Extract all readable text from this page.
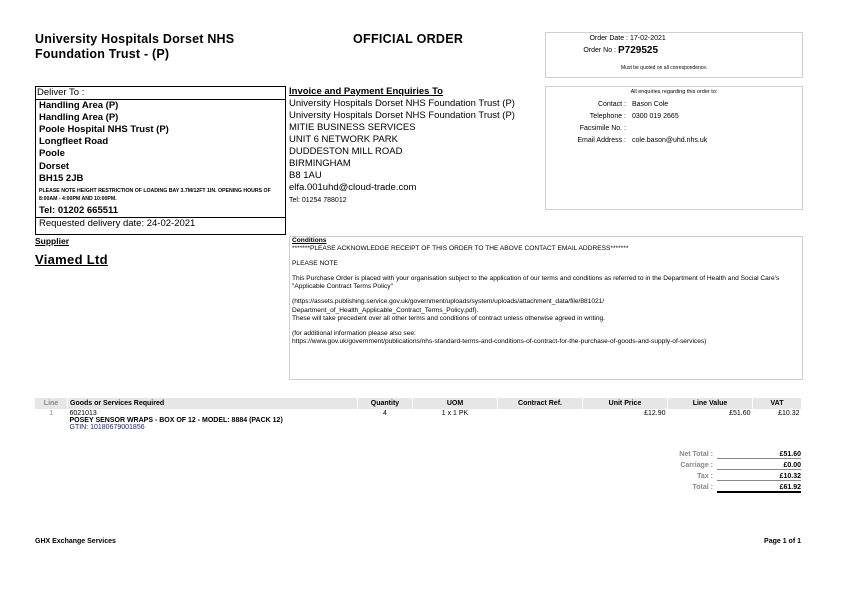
University Hospitals Dorset NHS
Foundation Trust - (P)
OFFICIAL ORDER	Order Date : 17-02-2021
Order No : P729525
Must be quoted on all correspondence.
Deliver To :
Handling Area (P)
Handling Area (P)
Poole Hospital NHS Trust (P)
Longfleet Road
Poole
Dorset
BH15 2JB
PLEASE NOTE HEIGHT RESTRICTION OF LOADING BAY 3.7M/12FT 1IN. OPENING HOURS OF 8:00AM - 4:00PM AND 10:00PM.
Tel: 01202 665511
Requested delivery date: 24-02-2021
Invoice and Payment Enquiries To
University Hospitals Dorset NHS Foundation Trust (P)
University Hospitals Dorset NHS Foundation Trust (P)
MITIE BUSINESS SERVICES
UNIT 6 NETWORK PARK
DUDDESTON MILL ROAD
BIRMINGHAM
B8 1AU
elfa.001uhd@cloud-trade.com
Tel: 01254 788012
All enquiries regarding this order to:
Contact : Bason Cole
Telephone : 0300 019 2665
Facsimile No. :
Email Address : cole.bason@uhd.nhs.uk
Supplier
Viamed Ltd
Conditions

*******PLEASE ACKNOWLEDGE RECEIPT OF THIS ORDER TO THE ABOVE CONTACT EMAIL ADDRESS*******

PLEASE NOTE

This Purchase Order is placed with your organisation subject to the application of our terms and conditions as referred to in the Department of Health and Social Care's "Applicable Contract Terms Policy"

(https://assets.publishing.service.gov.uk/government/uploads/system/uploads/attachment_data/file/881021/

Department_of_Health_Applicable_Contract_Terms_Policy.pdf).

These will take precedent over all other terms and conditions of contract unless otherwise agreed in writing.

(for additional information please also see:

https://www.gov.uk/government/publications/nhs-standard-terms-and-conditions-of-contract-for-the-purchase-of-goods-and-supply-of-services)

Line	Goods or Services Required	Quantity	UOM	Contract Ref.	Unit Price	Line Value	VAT
1	6021013
POSEY SENSOR WRAPS - BOX OF 12 - MODEL: 8884 (PACK 12)
GTIN: 10180679001856	4	1 x 1 PK		£12.90	£51.60	£10.32
Net Total :	£51.60
Carriage :	£0.00
Tax :	£10.32
Total :	£61.92
GHX Exchange Services	Page 1 of 1
